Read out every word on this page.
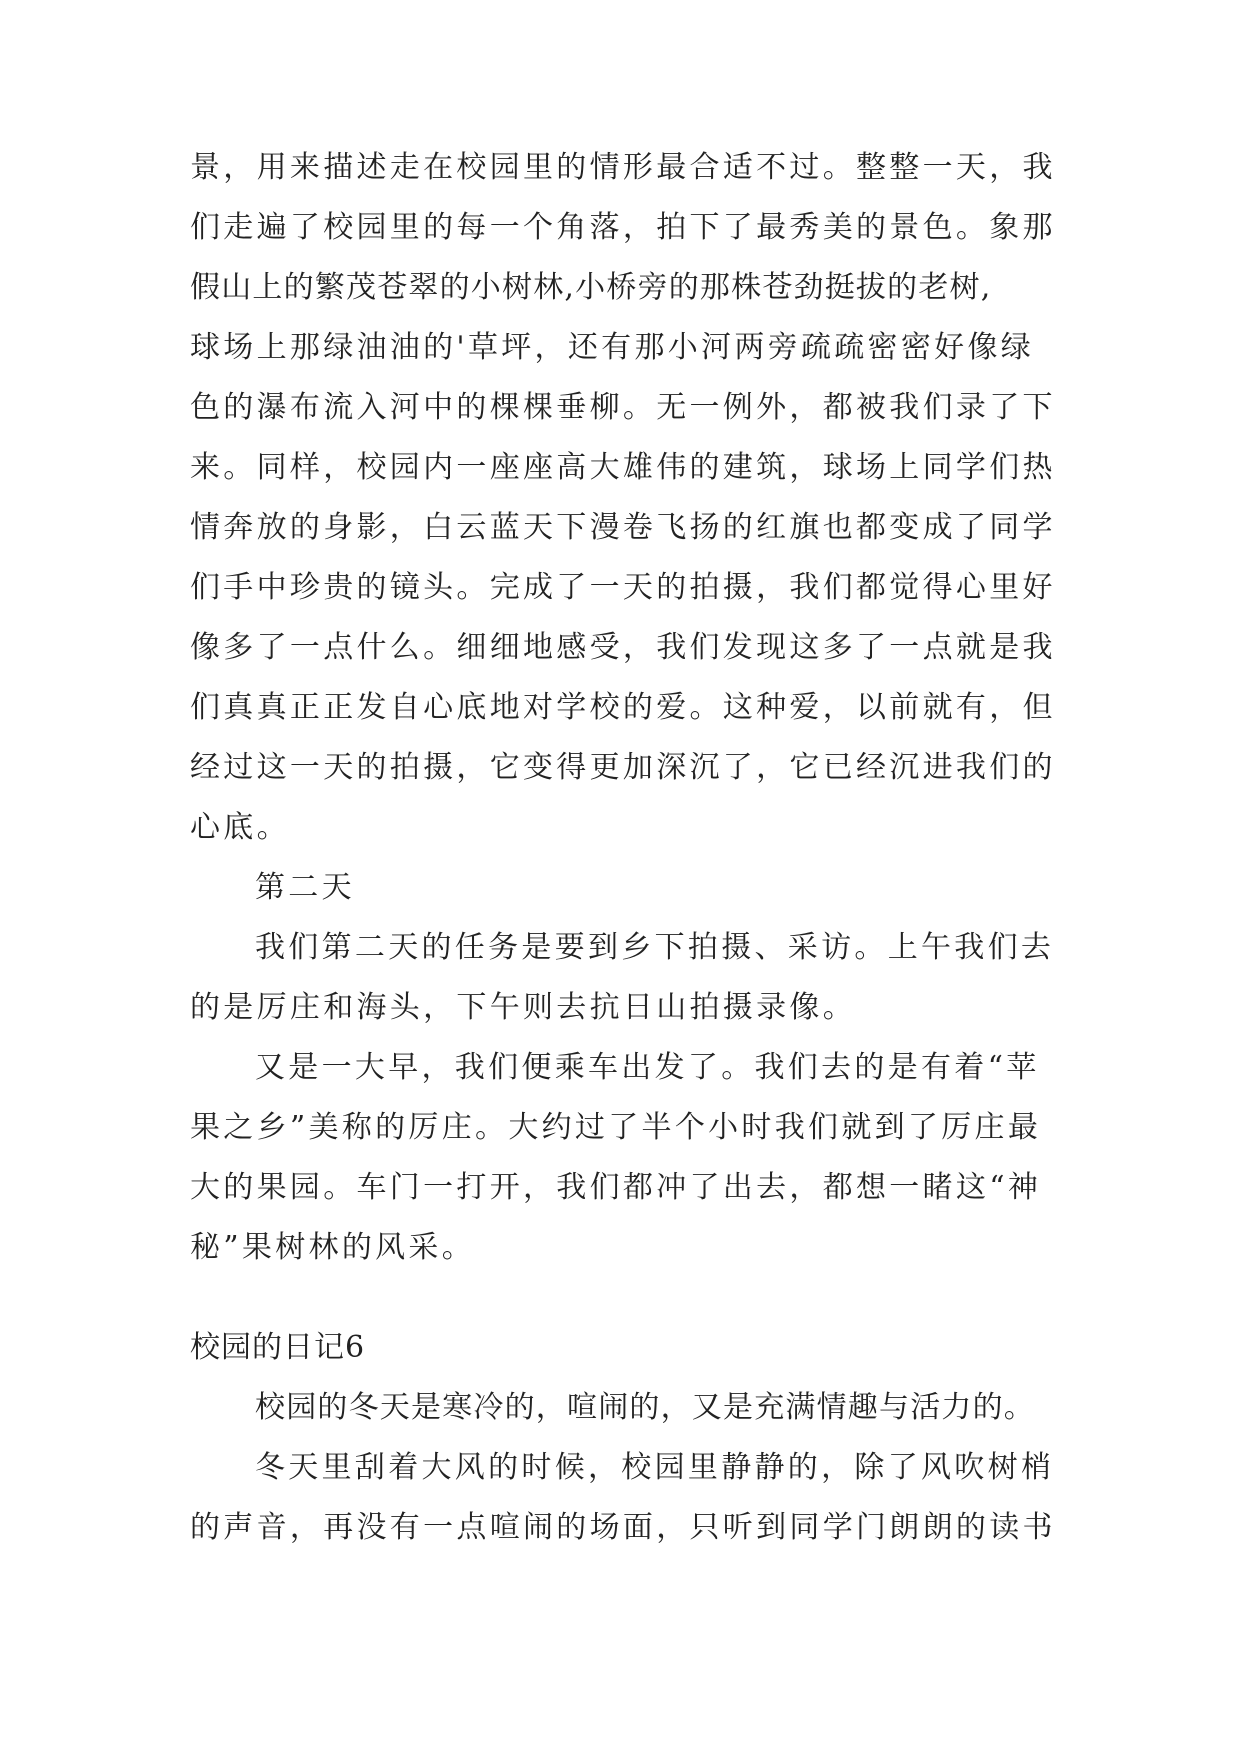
景，用来描述走在校园里的情形最合适不过。整整一天，我
们走遍了校园里的每一个角落，拍下了最秀美的景色。象那
假山上的繁茂苍翠的小树林,小桥旁的那株苍劲挺拔的老树,
球场上那绿油油的'草坪，还有那小河两旁疏疏密密好像绿
色的瀑布流入河中的棵棵垂柳。无一例外，都被我们录了下
来。同样，校园内一座座高大雄伟的建筑，球场上同学们热
情奔放的身影，白云蓝天下漫卷飞扬的红旗也都变成了同学
们手中珍贵的镜头。完成了一天的拍摄，我们都觉得心里好
像多了一点什么。细细地感受，我们发现这多了一点就是我
们真真正正发自心底地对学校的爱。这种爱，以前就有，但
经过这一天的拍摄，它变得更加深沉了，它已经沉进我们的
心底。
第二天
我们第二天的任务是要到乡下拍摄、采访。上午我们去
的是厉庄和海头，下午则去抗日山拍摄录像。
又是一大早，我们便乘车出发了。我们去的是有着“苹
果之乡”美称的厉庄。大约过了半个小时我们就到了厉庄最
大的果园。车门一打开，我们都冲了出去，都想一睹这“神
秘”果树林的风采。
校园的日记6
校园的冬天是寒冷的，喧闹的，又是充满情趣与活力的。
冬天里刮着大风的时候，校园里静静的，除了风吹树梢
的声音，再没有一点喧闹的场面，只听到同学门朗朗的读书
